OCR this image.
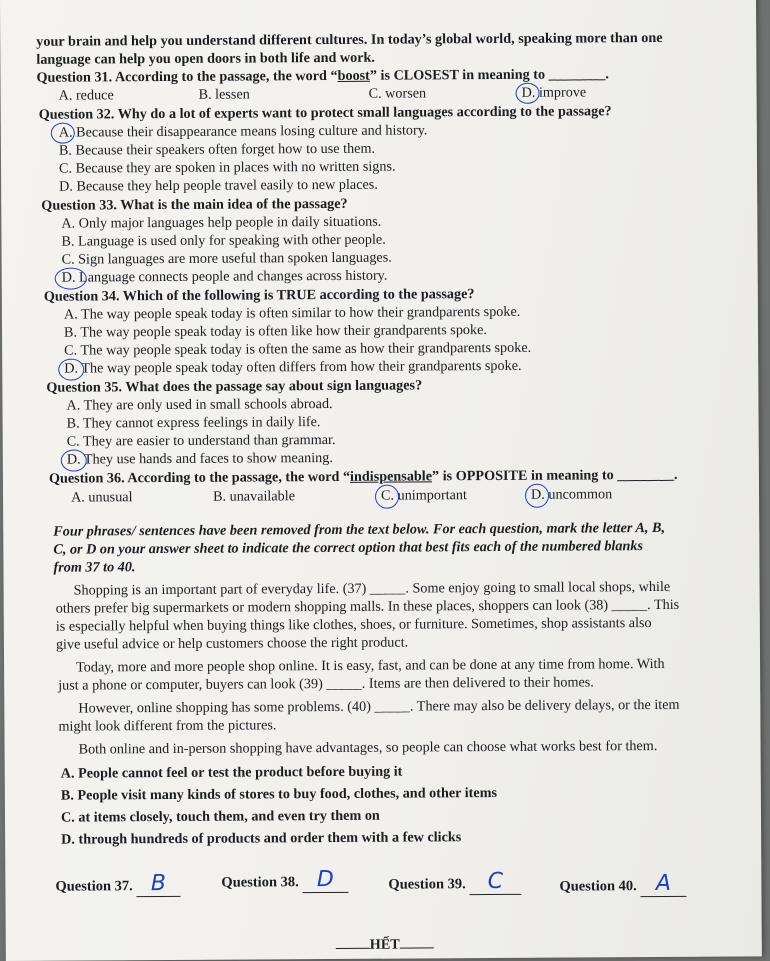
your brain and help you understand different cultures. In today’s global world, speaking more than one
language can help you open doors in both life and work.
Question 31. According to the passage, the word “boost” is CLOSEST in meaning to ________.
A. reduce	B. lessen	C. worsen	D. improve
Question 32. Why do a lot of experts want to protect small languages according to the passage?
A. Because their disappearance means losing culture and history.
B. Because their speakers often forget how to use them.
C. Because they are spoken in places with no written signs.
D. Because they help people travel easily to new places.
Question 33. What is the main idea of the passage?
A. Only major languages help people in daily situations.
B. Language is used only for speaking with other people.
C. Sign languages are more useful than spoken languages.
D. Language connects people and changes across history.
Question 34. Which of the following is TRUE according to the passage?
A. The way people speak today is often similar to how their grandparents spoke.
B. The way people speak today is often like how their grandparents spoke.
C. The way people speak today is often the same as how their grandparents spoke.
D. The way people speak today often differs from how their grandparents spoke.
Question 35. What does the passage say about sign languages?
A. They are only used in small schools abroad.
B. They cannot express feelings in daily life.
C. They are easier to understand than grammar.
D. They use hands and faces to show meaning.
Question 36. According to the passage, the word “indispensable” is OPPOSITE in meaning to ________.
A. unusual	B. unavailable	C. unimportant	D. uncommon
Four phrases/ sentences have been removed from the text below. For each question, mark the letter A, B,
C, or D on your answer sheet to indicate the correct option that best fits each of the numbered blanks
from 37 to 40.
Shopping is an important part of everyday life. (37) _____. Some enjoy going to small local shops, while
others prefer big supermarkets or modern shopping malls. In these places, shoppers can look (38) _____. This
is especially helpful when buying things like clothes, shoes, or furniture. Sometimes, shop assistants also
give useful advice or help customers choose the right product.
Today, more and more people shop online. It is easy, fast, and can be done at any time from home. With
just a phone or computer, buyers can look (39) _____. Items are then delivered to their homes.
However, online shopping has some problems. (40) _____. There may also be delivery delays, or the item
might look different from the pictures.
Both online and in-person shopping have advantages, so people can choose what works best for them.
A. People cannot feel or test the product before buying it
B. People visit many kinds of stores to buy food, clothes, and other items
C. at items closely, touch them, and even try them on
D. through hundreds of products and order them with a few clicks
Question 37. B	Question 38. D	Question 39. C	Question 40. A
HẾT
